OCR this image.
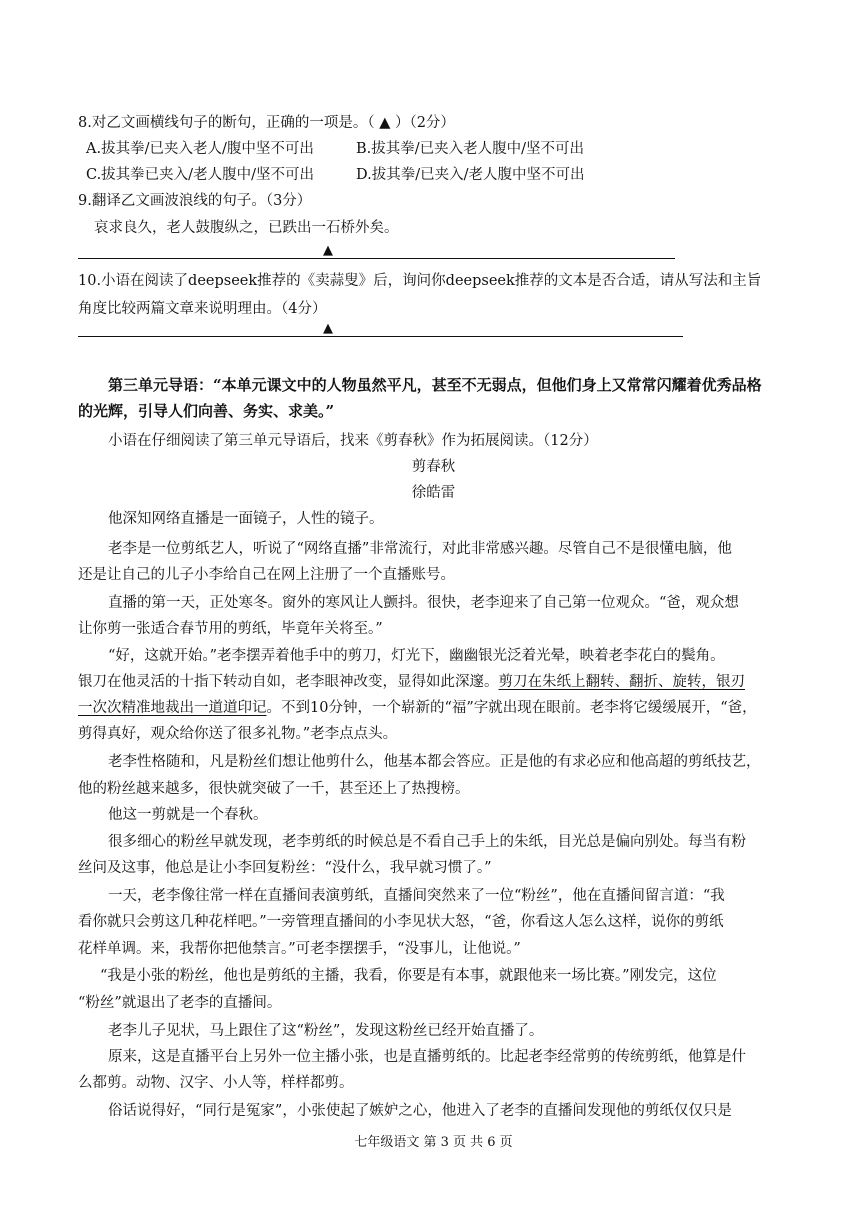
8.对乙文画横线句子的断句，正确的一项是。（ ▲ ）（2分）
A.拔其拳/已夹入老人/腹中坚不可出	B.拔其拳/已夹入老人腹中/坚不可出
C.拔其拳已夹入/老人腹中/坚不可出	D.拔其拳/已夹入/老人腹中坚不可出
9.翻译乙文画波浪线的句子。（3分）
哀求良久，老人鼓腹纵之，已跌出一石桥外矣。
▲
10.小语在阅读了deepseek推荐的《卖蒜叟》后，询问你deepseek推荐的文本是否合适，请从写法和主旨
角度比较两篇文章来说明理由。（4分）
▲
第三单元导语：“本单元课文中的人物虽然平凡，甚至不无弱点，但他们身上又常常闪耀着优秀品格
的光辉，引导人们向善、务实、求美。”
小语在仔细阅读了第三单元导语后，找来《剪春秋》作为拓展阅读。（12分）
剪春秋
徐皓雷
他深知网络直播是一面镜子，人性的镜子。
老李是一位剪纸艺人，听说了“网络直播”非常流行，对此非常感兴趣。尽管自己不是很懂电脑，他
还是让自己的儿子小李给自己在网上注册了一个直播账号。
直播的第一天，正处寒冬。窗外的寒风让人颤抖。很快，老李迎来了自己第一位观众。“爸，观众想
让你剪一张适合春节用的剪纸，毕竟年关将至。”
“好，这就开始。”老李摆弄着他手中的剪刀，灯光下，幽幽银光泛着光晕，映着老李花白的鬓角。
银刀在他灵活的十指下转动自如，老李眼神改变，显得如此深邃。剪刀在朱纸上翻转、翻折、旋转，银刃
一次次精准地裁出一道道印记。不到10分钟，一个崭新的“福”字就出现在眼前。老李将它缓缓展开，“爸，
剪得真好，观众给你送了很多礼物。”老李点点头。
老李性格随和，凡是粉丝们想让他剪什么，他基本都会答应。正是他的有求必应和他高超的剪纸技艺，
他的粉丝越来越多，很快就突破了一千，甚至还上了热搜榜。
他这一剪就是一个春秋。
很多细心的粉丝早就发现，老李剪纸的时候总是不看自己手上的朱纸，目光总是偏向别处。每当有粉
丝问及这事，他总是让小李回复粉丝：“没什么，我早就习惯了。”
一天，老李像往常一样在直播间表演剪纸，直播间突然来了一位“粉丝”，他在直播间留言道：“我
看你就只会剪这几种花样吧。”一旁管理直播间的小李见状大怒，“爸，你看这人怎么这样，说你的剪纸
花样单调。来，我帮你把他禁言。”可老李摆摆手，“没事儿，让他说。”
“我是小张的粉丝，他也是剪纸的主播，我看，你要是有本事，就跟他来一场比赛。”刚发完，这位
“粉丝”就退出了老李的直播间。
老李儿子见状，马上跟住了这“粉丝”，发现这粉丝已经开始直播了。
原来，这是直播平台上另外一位主播小张，也是直播剪纸的。比起老李经常剪的传统剪纸，他算是什
么都剪。动物、汉字、小人等，样样都剪。
俗话说得好，“同行是冤家”，小张使起了嫉妒之心，他进入了老李的直播间发现他的剪纸仅仅只是
七年级语文 第 3 页 共 6 页
